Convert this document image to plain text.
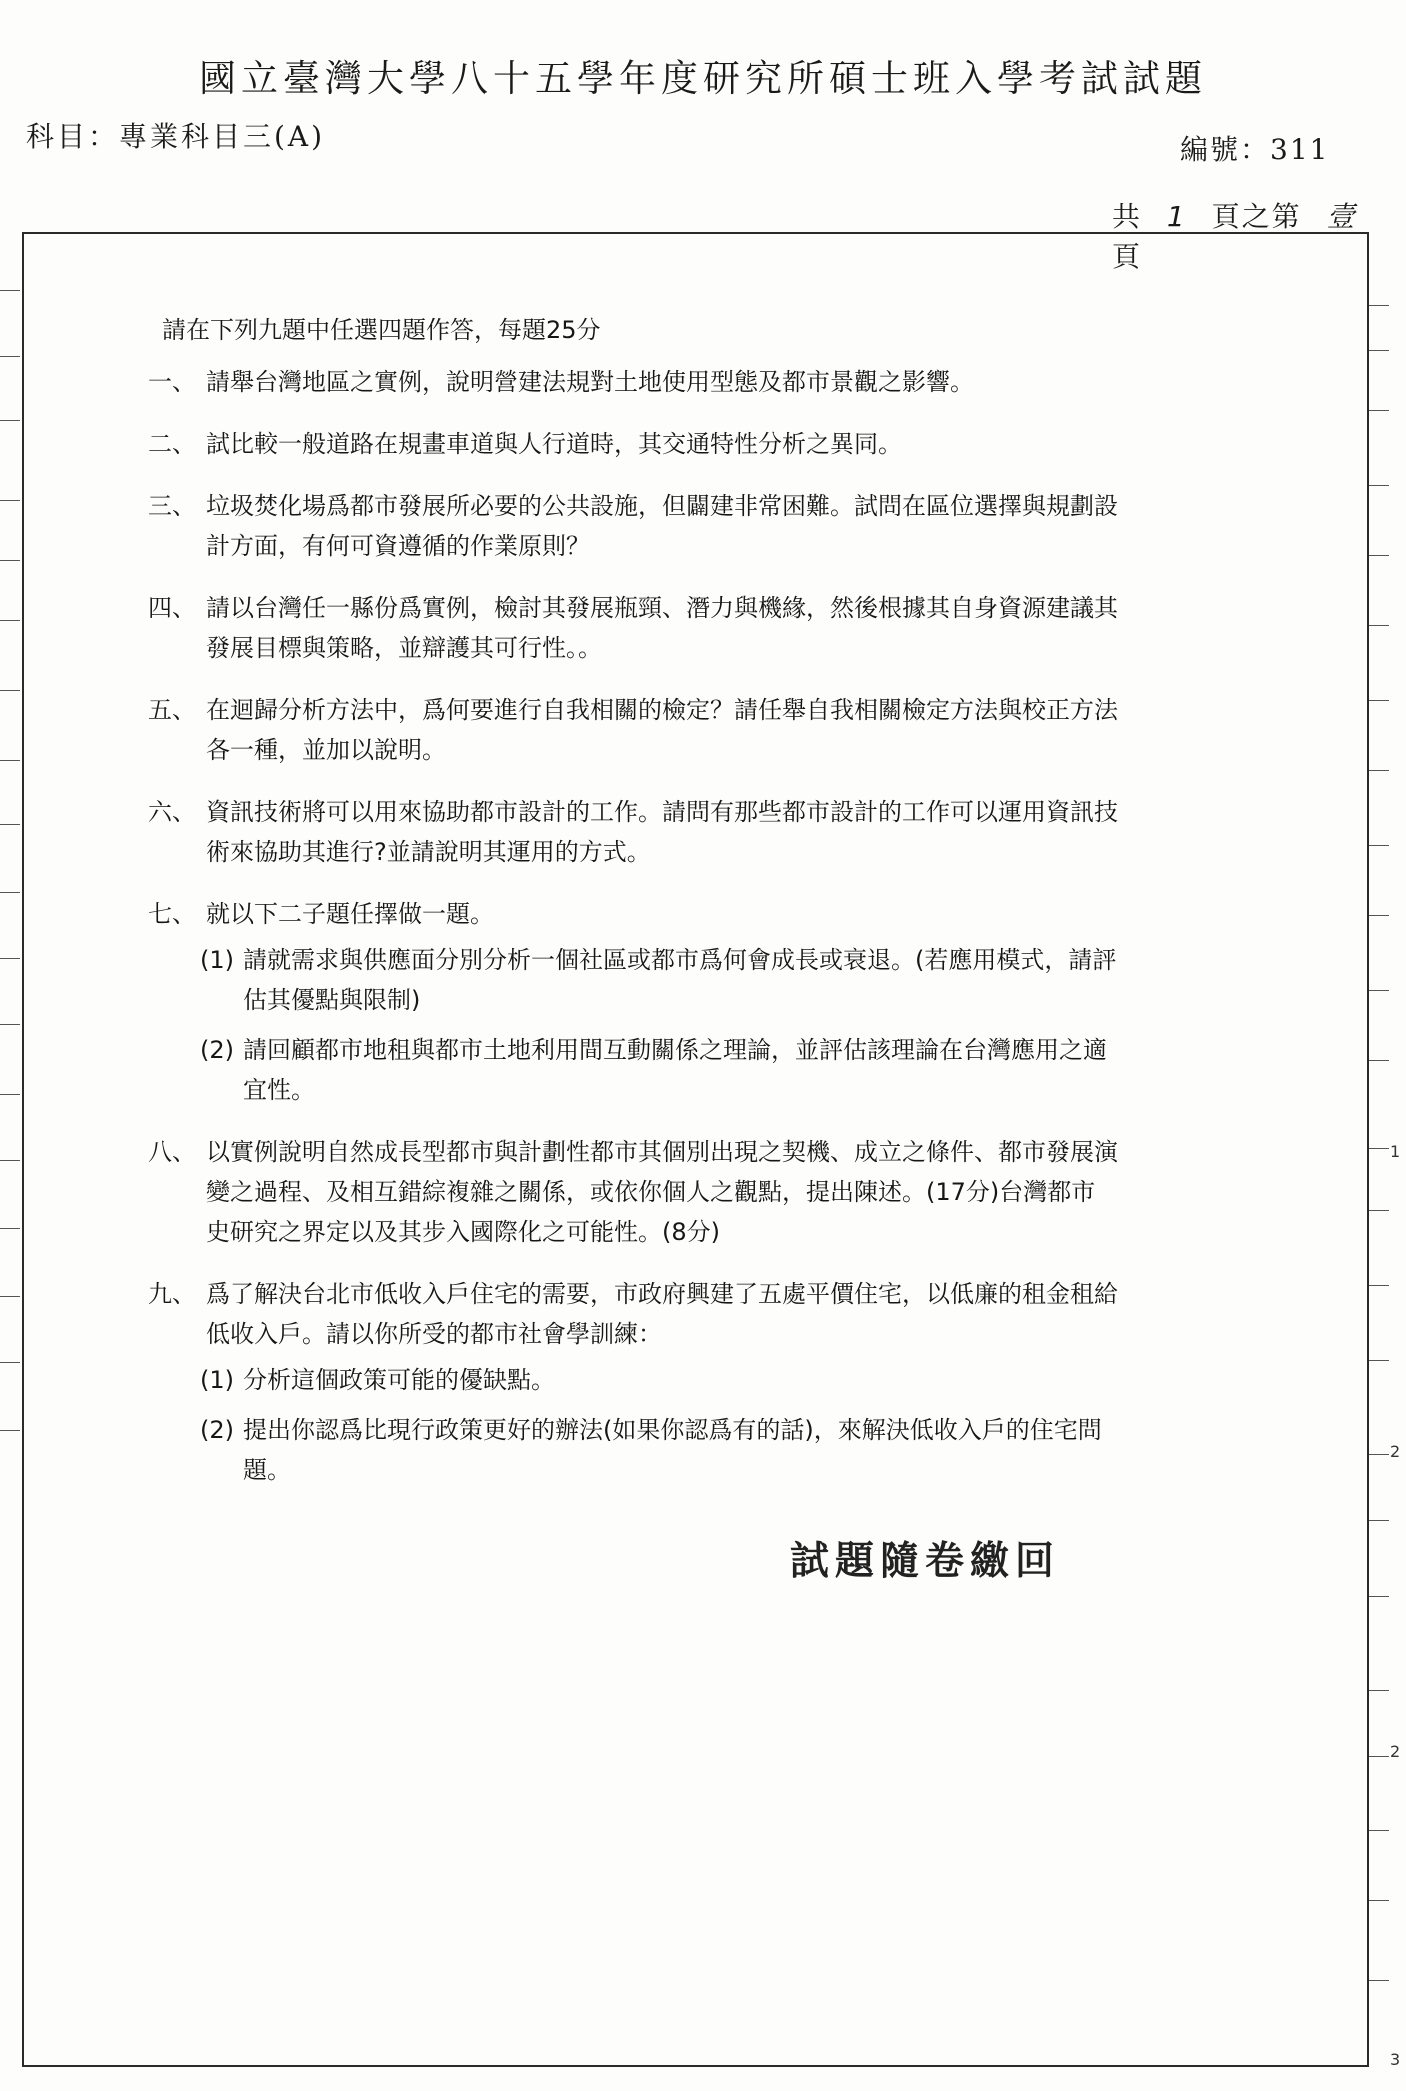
國立臺灣大學八十五學年度研究所碩士班入學考試試題
科目：專業科目三(A)	編號：311
共 1 頁之第 壹 頁
請在下列九題中任選四題作答，每題25分
一、 請舉台灣地區之實例，說明營建法規對土地使用型態及都市景觀之影響。
二、 試比較一般道路在規畫車道與人行道時，其交通特性分析之異同。
三、 垃圾焚化場爲都市發展所必要的公共設施，但闢建非常困難。試問在區位選擇與規劃設計方面，有何可資遵循的作業原則？
四、 請以台灣任一縣份爲實例，檢討其發展瓶頸、潛力與機緣，然後根據其自身資源建議其發展目標與策略，並辯護其可行性。。
五、 在迴歸分析方法中，爲何要進行自我相關的檢定？請任舉自我相關檢定方法與校正方法各一種，並加以說明。
六、 資訊技術將可以用來協助都市設計的工作。請問有那些都市設計的工作可以運用資訊技術來協助其進行?並請說明其運用的方式。
七、 就以下二子題任擇做一題。
(1) 請就需求與供應面分別分析一個社區或都市爲何會成長或衰退。(若應用模式，請評估其優點與限制)
(2) 請回顧都市地租與都市土地利用間互動關係之理論，並評估該理論在台灣應用之適宜性。
八、 以實例說明自然成長型都市與計劃性都市其個別出現之契機、成立之條件、都市發展演變之過程、及相互錯綜複雜之關係，或依你個人之觀點，提出陳述。(17分)台灣都市史研究之界定以及其步入國際化之可能性。(8分)
九、 爲了解決台北市低收入戶住宅的需要，市政府興建了五處平價住宅，以低廉的租金租給低收入戶。請以你所受的都市社會學訓練：
(1) 分析這個政策可能的優缺點。
(2) 提出你認爲比現行政策更好的辦法(如果你認爲有的話)，來解決低收入戶的住宅問題。
試題隨卷繳回
1
2
2
3
